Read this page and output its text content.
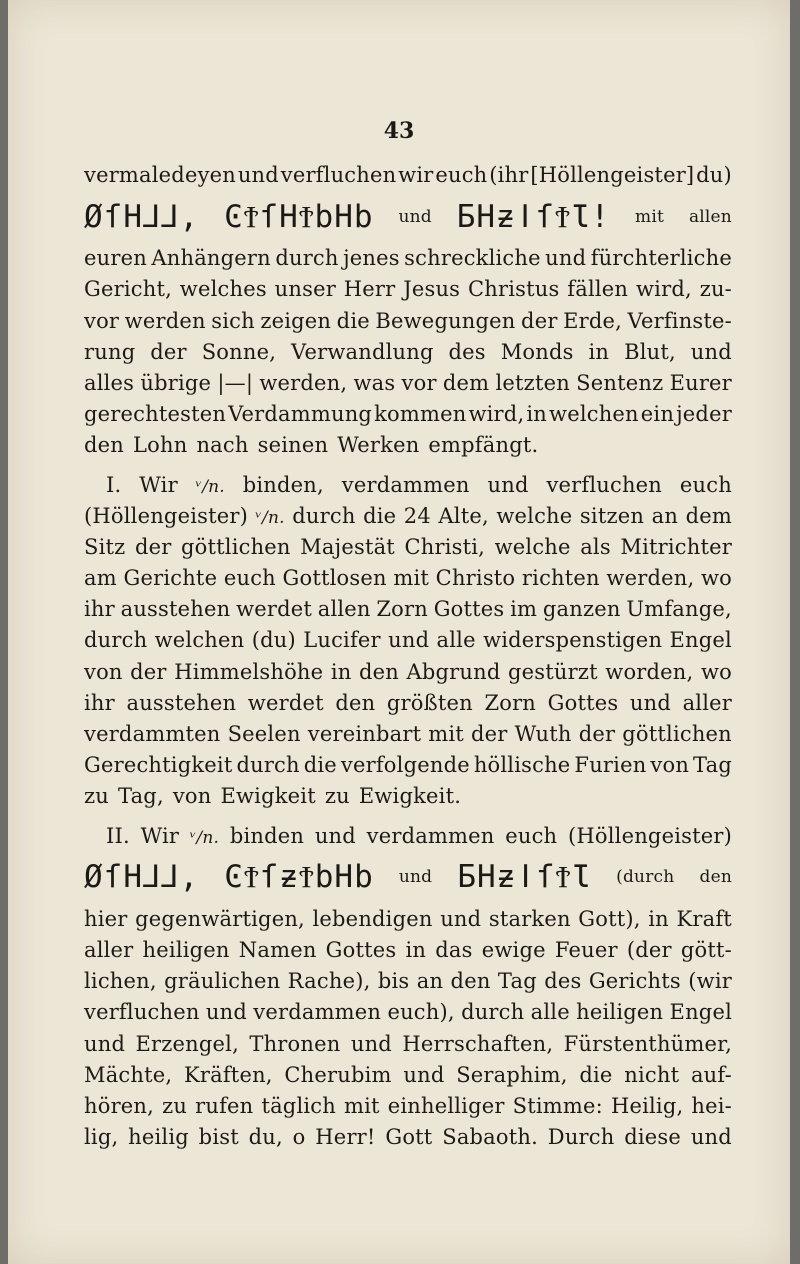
43
vermaledeyen und verfluchen wir euch (ihr [Höllengeister] du)
ØſH⅃⅃, ϾϮſHϮbHb und ƂHƶǀſϮƖ! mit allen
euren Anhängern durch jenes schreckliche und fürchterliche
Gericht, welches unser Herr Jesus Christus fällen wird, zu-
vor werden sich zeigen die Bewegungen der Erde, Verfinste-
rung der Sonne, Verwandlung des Monds in Blut, und
alles übrige |—| werden, was vor dem letzten Sentenz Eurer
gerechtesten Verdammung kommen wird, in welchen ein jeder
den Lohn nach seinen Werken empfängt.
I. Wir ᵛ/n. binden, verdammen und verfluchen euch
(Höllengeister) ᵛ/n. durch die 24 Alte, welche sitzen an dem
Sitz der göttlichen Majestät Christi, welche als Mitrichter
am Gerichte euch Gottlosen mit Christo richten werden, wo
ihr ausstehen werdet allen Zorn Gottes im ganzen Umfange,
durch welchen (du) Lucifer und alle widerspenstigen Engel
von der Himmelshöhe in den Abgrund gestürzt worden, wo
ihr ausstehen werdet den größten Zorn Gottes und aller
verdammten Seelen vereinbart mit der Wuth der göttlichen
Gerechtigkeit durch die verfolgende höllische Furien von Tag
zu Tag, von Ewigkeit zu Ewigkeit.
II. Wir ᵛ/n. binden und verdammen euch (Höllengeister)
ØſH⅃⅃, ϾϮſƶϮbHb und ƂHƶǀſϮƖ (durch den
hier gegenwärtigen, lebendigen und starken Gott), in Kraft
aller heiligen Namen Gottes in das ewige Feuer (der gött-
lichen, gräulichen Rache), bis an den Tag des Gerichts (wir
verfluchen und verdammen euch), durch alle heiligen Engel
und Erzengel, Thronen und Herrschaften, Fürstenthümer,
Mächte, Kräften, Cherubim und Seraphim, die nicht auf-
hören, zu rufen täglich mit einhelliger Stimme: Heilig, hei-
lig, heilig bist du, o Herr! Gott Sabaoth. Durch diese und
